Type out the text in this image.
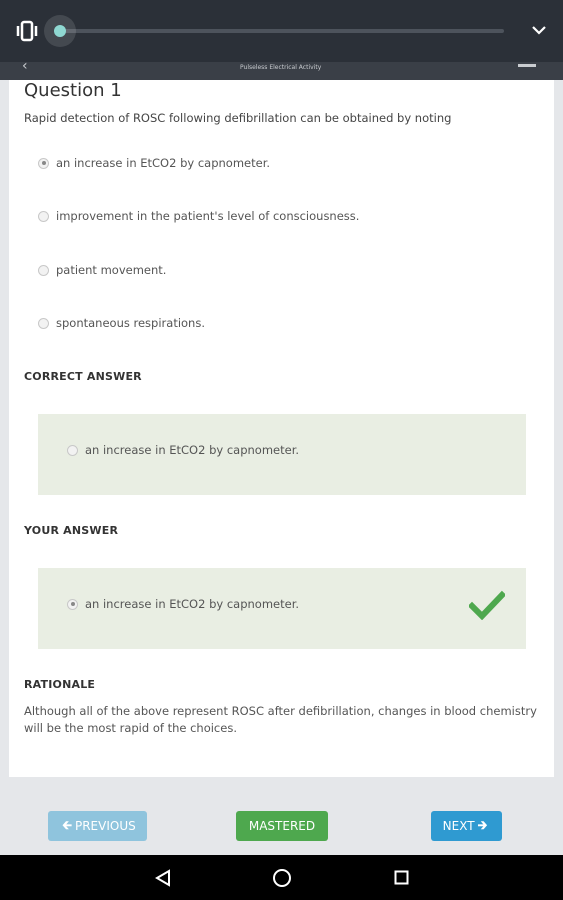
‹	Pulseless Electrical Activity
Question 1
Rapid detection of ROSC following defibrillation can be obtained by noting
an increase in EtCO2 by capnometer.
improvement in the patient's level of consciousness.
patient movement.
spontaneous respirations.
CORRECT ANSWER
an increase in EtCO2 by capnometer.
YOUR ANSWER
an increase in EtCO2 by capnometer.
RATIONALE
Although all of the above represent ROSC after defibrillation, changes in blood chemistry will be the most rapid of the choices.
🡰 PREVIOUS	MASTERED	NEXT 🡲
